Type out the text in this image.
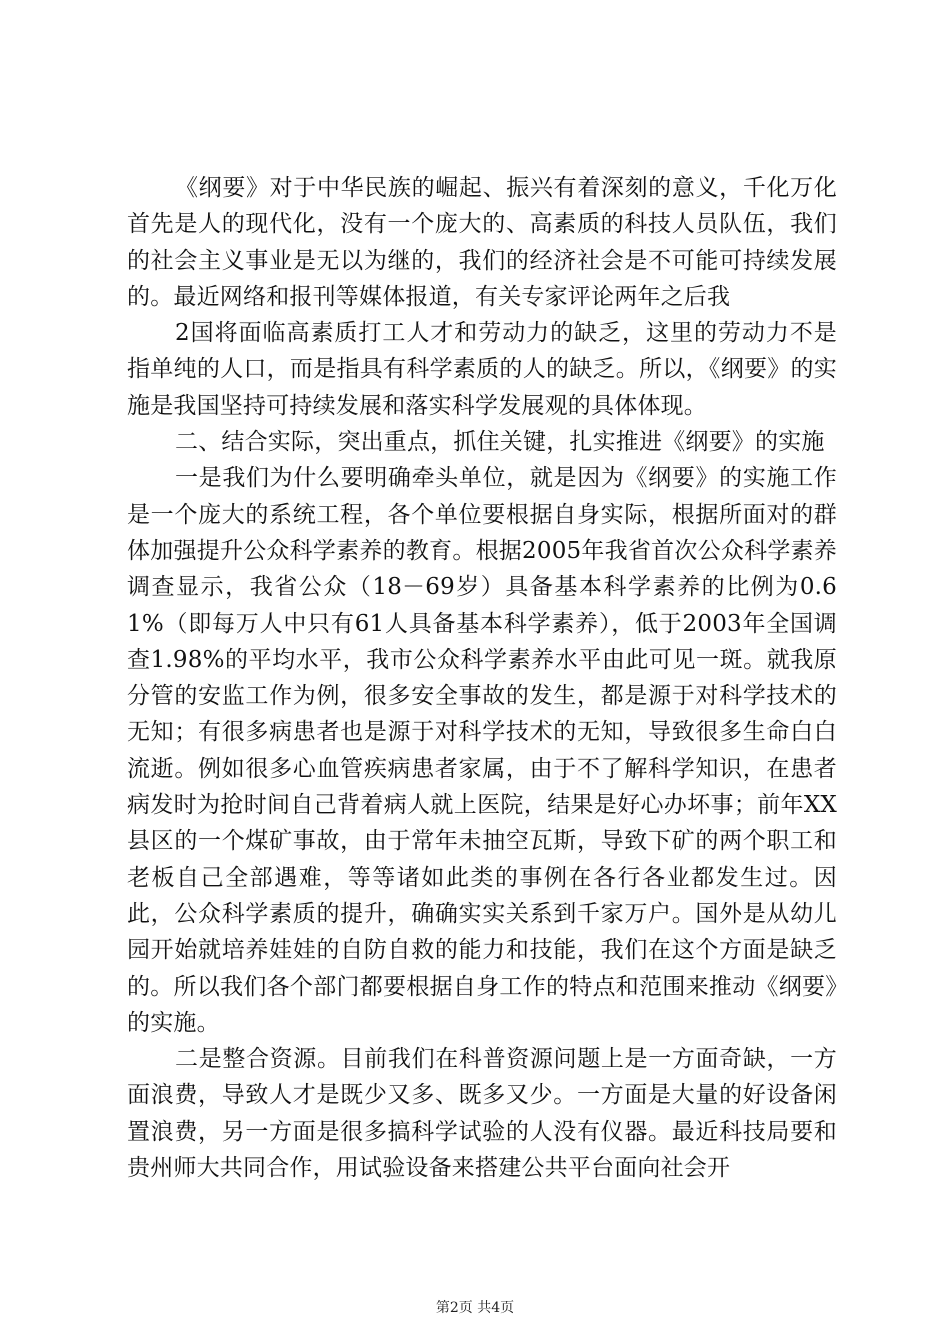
《纲要》对于中华民族的崛起、振兴有着深刻的意义，千化万化首先是人的现代化，没有一个庞大的、高素质的科技人员队伍，我们的社会主义事业是无以为继的，我们的经济社会是不可能可持续发展的。最近网络和报刊等媒体报道，有关专家评论两年之后我

2国将面临高素质打工人才和劳动力的缺乏，这里的劳动力不是指单纯的人口，而是指具有科学素质的人的缺乏。所以，《纲要》的实施是我国坚持可持续发展和落实科学发展观的具体体现。

二、结合实际，突出重点，抓住关键，扎实推进《纲要》的实施

一是我们为什么要明确牵头单位，就是因为《纲要》的实施工作是一个庞大的系统工程，各个单位要根据自身实际，根据所面对的群体加强提升公众科学素养的教育。根据2005年我省首次公众科学素养调查显示，我省公众（18－69岁）具备基本科学素养的比例为0.61%（即每万人中只有61人具备基本科学素养），低于2003年全国调查1.98%的平均水平，我市公众科学素养水平由此可见一斑。就我原分管的安监工作为例，很多安全事故的发生，都是源于对科学技术的无知；有很多病患者也是源于对科学技术的无知，导致很多生命白白流逝。例如很多心血管疾病患者家属，由于不了解科学知识，在患者病发时为抢时间自己背着病人就上医院，结果是好心办坏事；前年XX县区的一个煤矿事故，由于常年未抽空瓦斯，导致下矿的两个职工和老板自己全部遇难，等等诸如此类的事例在各行各业都发生过。因此，公众科学素质的提升，确确实实关系到千家万户。国外是从幼儿园开始就培养娃娃的自防自救的能力和技能，我们在这个方面是缺乏的。所以我们各个部门都要根据自身工作的特点和范围来推动《纲要》的实施。

二是整合资源。目前我们在科普资源问题上是一方面奇缺，一方面浪费，导致人才是既少又多、既多又少。一方面是大量的好设备闲置浪费，另一方面是很多搞科学试验的人没有仪器。最近科技局要和贵州师大共同合作，用试验设备来搭建公共平台面向社会开

第2页 共4页
